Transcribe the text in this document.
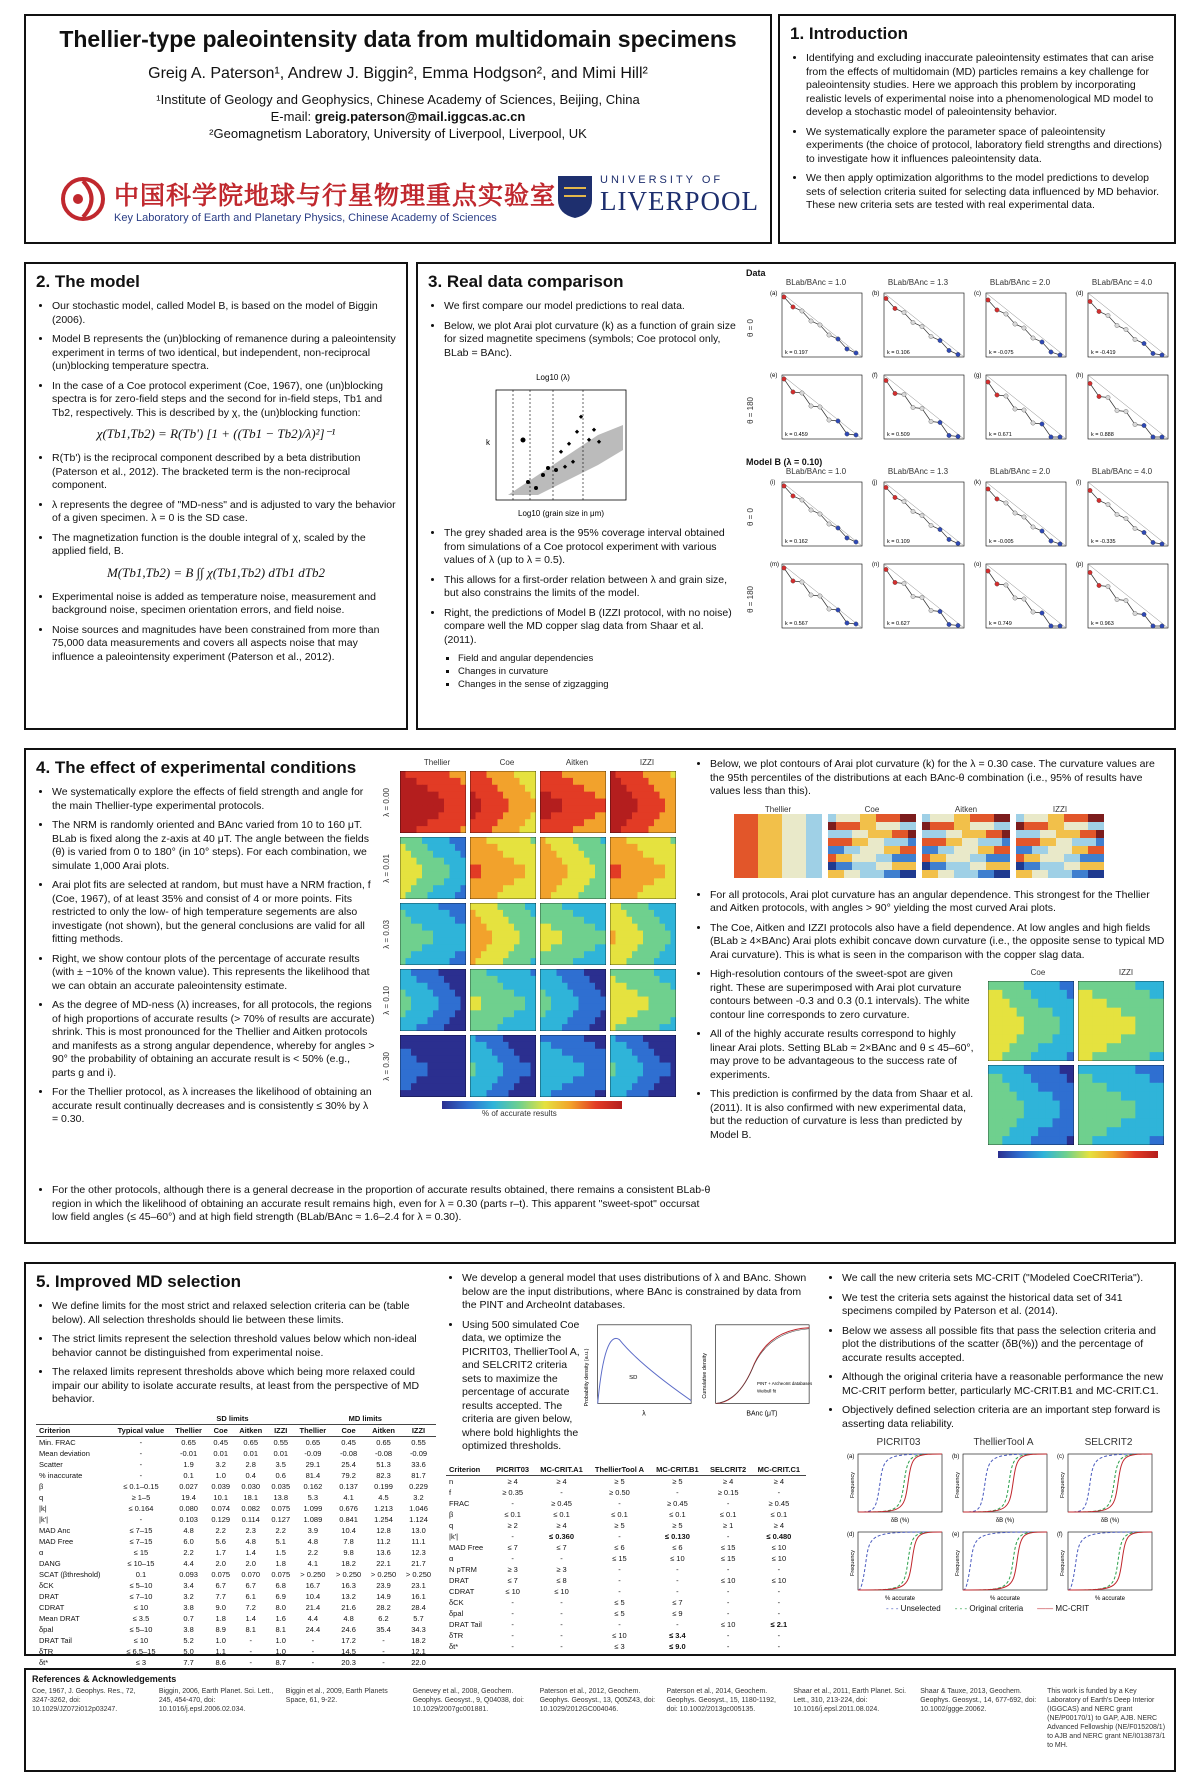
Thellier-type paleointensity data from multidomain specimens
Greig A. Paterson¹, Andrew J. Biggin², Emma Hodgson², and Mimi Hill²
¹Institute of Geology and Geophysics, Chinese Academy of Sciences, Beijing, China
E-mail: greig.paterson@mail.iggcas.ac.cn
²Geomagnetism Laboratory, University of Liverpool, Liverpool, UK
中国科学院地球与行星物理重点实验室
Key Laboratory of Earth and Planetary Physics, Chinese Academy of Sciences
UNIVERSITY OF
LIVERPOOL
1. Introduction
• Identifying and excluding inaccurate paleointensity estimates that can arise from the effects of multidomain (MD) particles remains a key challenge for paleointensity studies. Here we approach this problem by incorporating realistic levels of experimental noise into a phenomenological MD model to develop a stochastic model of paleointensity behavior.
• We systematically explore the parameter space of paleointensity experiments (the choice of protocol, laboratory field strengths and directions) to investigate how it influences paleointensity data.
• We then apply optimization algorithms to the model predictions to develop sets of selection criteria suited for selecting data influenced by MD behavior. These new criteria sets are tested with real experimental data.
2. The model
• Our stochastic model, called Model B, is based on the model of Biggin (2006).
• Model B represents the (un)blocking of remanence during a paleointensity experiment in terms of two identical, but independent, non-reciprocal (un)blocking temperature spectra.
• In the case of a Coe protocol experiment (Coe, 1967), one (un)blocking spectra is for zero-field steps and the second for in-field steps, Tb1 and Tb2, respectively. This is described by χ, the (un)blocking function:
χ(Tb1,Tb2) = R(Tb') [1 + ((Tb1 − Tb2)/λ)²]⁻¹
• R(Tb') is the reciprocal component described by a beta distribution (Paterson et al., 2012). The bracketed term is the non-reciprocal component.
• λ represents the degree of "MD-ness" and is adjusted to vary the behavior of a given specimen. λ = 0 is the SD case.
• The magnetization function is the double integral of χ, scaled by the applied field, B.
M(Tb1,Tb2) = B ∫∫ χ(Tb1,Tb2) dTb1 dTb2
• Experimental noise is added as temperature noise, measurement and background noise, specimen orientation errors, and field noise.
• Noise sources and magnitudes have been constrained from more than 75,000 data measurements and covers all aspects noise that may influence a paleointensity experiment (Paterson et al., 2012).
3. Real data comparison
• We first compare our model predictions to real data.
• Below, we plot Arai plot curvature (k) as a function of grain size for sized magnetite specimens (symbols; Coe protocol only, BLab = BAnc).
Log10 (λ)
k
Log10 (grain size in μm)
• The grey shaded area is the 95% coverage interval obtained from simulations of a Coe protocol experiment with various values of λ (up to λ = 0.5).
• This allows for a first-order relation between λ and grain size, but also constrains the limits of the model.
• Right, the predictions of Model B (IZZI protocol, with no noise) compare well the MD copper slag data from Shaar et al. (2011).
▪ Field and angular dependencies
▪ Changes in curvature
▪ Changes in the sense of zigzagging
Data
BLab/BAnc = 1.0	BLab/BAnc = 1.3	BLab/BAnc = 2.0	BLab/BAnc = 4.0
θ = 0
(a)
k = 0.197
(b)
k = 0.106
(c)
k = -0.075
(d)
k = -0.419
θ = 180
(e)
k = 0.459
(f)
k = 0.509
(g)
k = 0.671
(h)
k = 0.888
Model B (λ = 0.10)
BLab/BAnc = 1.0	BLab/BAnc = 1.3	BLab/BAnc = 2.0	BLab/BAnc = 4.0
θ = 0
(i)
k = 0.162
(j)
k = 0.109
(k)
k = -0.005
(l)
k = -0.335
θ = 180
(m)
k = 0.567
(n)
k = 0.627
(o)
k = 0.749
(p)
k = 0.963
4. The effect of experimental conditions
• We systematically explore the effects of field strength and angle for the main Thellier-type experimental protocols.
• The NRM is randomly oriented and BAnc varied from 10 to 160 μT. BLab is fixed along the z-axis at 40 μT. The angle between the fields (θ) is varied from 0 to 180° (in 10° steps). For each combination, we simulate 1,000 Arai plots.
• Arai plot fits are selected at random, but must have a NRM fraction, f (Coe, 1967), of at least 35% and consist of 4 or more points. Fits restricted to only the low- of high temperature segements are also investigate (not shown), but the general conclusions are valid for all fitting methods.
• Right, we show contour plots of the percentage of accurate results (with ± ~10% of the known value). This represents the likelihood that we can obtain an accurate paleointensity estimate.
• As the degree of MD-ness (λ) increases, for all protocols, the regions of high proportions of accurate results (> 70% of results are accurate) shrink. This is most pronounced for the Thellier and Aitken protocols and manifests as a strong angular dependence, whereby for angles > 90° the probability of obtaining an accurate result is < 50% (e.g., parts g and i).
• For the Thellier protocol, as λ increases the likelihood of obtaining an accurate result continually decreases and is consistently ≤ 30% by λ = 0.30.
• For the other protocols, although there is a general decrease in the proportion of accurate results obtained, there remains a consistent BLab-θ region in which the likelihood of obtaining an accurate result remains high, even for λ = 0.30 (parts r–t). This apparent "sweet-spot" occursat low field angles (≤ 45–60°) and at high field strength (BLab/BAnc ≈ 1.6–2.4 for λ = 0.30).
Thellier	Coe	Aitken	IZZI
λ = 0.00
λ = 0.01
λ = 0.03
λ = 0.10
λ = 0.30
% of accurate results
• Below, we plot contours of Arai plot curvature (k) for the λ = 0.30 case. The curvature values are the 95th percentiles of the distributions at each BAnc-θ combination (i.e., 95% of results have values less than this).
Thellier	Coe	Aitken	IZZI
• For all protocols, Arai plot curvature has an angular dependence. This strongest for the Thellier and Aitken protocols, with angles > 90° yielding the most curved Arai plots.
• The Coe, Aitken and IZZI protocols also have a field dependence. At low angles and high fields (BLab ≥ 4×BAnc) Arai plots exhibit concave down curvature (i.e., the opposite sense to typical MD Arai curvature). This is what is seen in the comparison with the copper slag data.
• High-resolution contours of the sweet-spot are given right. These are superimposed with Arai plot curvature contours between -0.3 and 0.3 (0.1 intervals). The white contour line corresponds to zero curvature.
• All of the highly accurate results correspond to highly linear Arai plots. Setting BLab ≈ 2×BAnc and θ ≤ 45–60°, may prove to be advantageous to the success rate of experiments.
• This prediction is confirmed by the data from Shaar et al. (2011). It is also confirmed with new experimental data, but the reduction of curvature is less than predicted by Model B.
Coe	IZZI
5. Improved MD selection
• We define limits for the most strict and relaxed selection criteria can be (table below). All selection thresholds should lie between these limits.
• The strict limits represent the selection threshold values below which non-ideal behavior cannot be distinguished from experimental noise.
• The relaxed limits represent thresholds above which being more relaxed could impair our ability to isolate accurate results, at least from the perspective of MD behavior.
		SD limits				MD limits			
Criterion	Typical value	Thellier	Coe	Aitken	IZZI	Thellier	Coe	Aitken	IZZI
Min. FRAC	-	0.65	0.45	0.65	0.55	0.65	0.45	0.65	0.55
Mean deviation	-	-0.01	0.01	0.01	0.01	-0.09	-0.08	-0.08	-0.09
Scatter	-	1.9	3.2	2.8	3.5	29.1	25.4	51.3	33.6
% inaccurate	-	0.1	1.0	0.4	0.6	81.4	79.2	82.3	81.7
β	≤ 0.1–0.15	0.027	0.039	0.030	0.035	0.162	0.137	0.199	0.229
q	≥ 1–5	19.4	10.1	18.1	13.8	5.3	4.1	4.5	3.2
|k|	≤ 0.164	0.080	0.074	0.082	0.075	1.099	0.676	1.213	1.046
|k'|	-	0.103	0.129	0.114	0.127	1.089	0.841	1.254	1.124
MAD Anc	≤ 7–15	4.8	2.2	2.3	2.2	3.9	10.4	12.8	13.0
MAD Free	≤ 7–15	6.0	5.6	4.8	5.1	4.8	7.8	11.2	11.1
α	≤ 15	2.2	1.7	1.4	1.5	2.2	9.8	13.6	12.3
DANG	≤ 10–15	4.4	2.0	2.0	1.8	4.1	18.2	22.1	21.7
SCAT (βthreshold)	0.1	0.093	0.075	0.070	0.075	> 0.250	> 0.250	> 0.250	> 0.250
δCK	≤ 5–10	3.4	6.7	6.7	6.8	16.7	16.3	23.9	23.1
DRAT	≤ 7–10	3.2	7.7	6.1	6.9	10.4	13.2	14.9	16.1
CDRAT	≤ 10	3.8	9.0	7.2	8.0	21.4	21.6	28.2	28.4
Mean DRAT	≤ 3.5	0.7	1.8	1.4	1.6	4.4	4.8	6.2	5.7
δpal	≤ 5–10	3.8	8.9	8.1	8.1	24.4	24.6	35.4	34.3
DRAT Tail	≤ 10	5.2	1.0	-	1.0	-	17.2	-	18.2
δTR	≤ 6.5–15	5.0	1.1	-	1.0	-	14.5	-	12.1
δt*	≤ 3	7.7	8.6	-	8.7	-	20.3	-	22.0
• We develop a general model that uses distributions of λ and BAnc. Shown below are the input distributions, where BAnc is constrained by data from the PINT and ArcheoInt databases.
• Using 500 simulated Coe data, we optimize the PICRIT03, ThellierTool A, and SELCRIT2 criteria sets to maximize the percentage of accurate results accepted. The criteria are given below, where bold highlights the optimized thresholds.
SD
λ
Probability density (a.u.)	PINT + ArcheoInt databases
Weibull fit
BAnc (μT)
Cumulative density
Criterion	PICRIT03	MC-CRIT.A1	ThellierTool A	MC-CRIT.B1	SELCRIT2	MC-CRIT.C1
n	≥ 4	≥ 4	≥ 5	≥ 5	≥ 4	≥ 4
f	≥ 0.35	-	≥ 0.50	-	≥ 0.15	-
FRAC	-	≥ 0.45	-	≥ 0.45	-	≥ 0.45
β	≤ 0.1	≤ 0.1	≤ 0.1	≤ 0.1	≤ 0.1	≤ 0.1
q	≥ 2	≥ 4	≥ 5	≥ 5	≥ 1	≥ 4
|k'|	-	≤ 0.360	-	≤ 0.130	-	≤ 0.480
MAD Free	≤ 7	≤ 7	≤ 6	≤ 6	≤ 15	≤ 10
α	-	-	≤ 15	≤ 10	≤ 15	≤ 10
N pTRM	≥ 3	≥ 3	-	-	-	-
DRAT	≤ 7	≤ 8	-	-	≤ 10	≤ 10
CDRAT	≤ 10	≤ 10	-	-	-	-
δCK	-	-	≤ 5	≤ 7	-	-
δpal	-	-	≤ 5	≤ 9	-	-
DRAT Tail	-	-	-	-	≤ 10	≤ 2.1
δTR	-	-	≤ 10	≤ 3.4	-	-
δt*	-	-	≤ 3	≤ 9.0	-	-
• We call the new criteria sets MC-CRIT ("Modeled CoeCRITeria").
• We test the criteria sets against the historical data set of 341 specimens compiled by Paterson et al. (2014).
• Below we assess all possible fits that pass the selection criteria and plot the distributions of the scatter (δB(%)) and the percentage of accurate results accepted.
• Although the original criteria have a reasonable performance the new MC-CRIT perform better, particularly MC-CRIT.B1 and MC-CRIT.C1.
• Objectively defined selection criteria are an important step forward is asserting data reliability.
PICRIT03	ThellierTool A	SELCRIT2
(a)
δB (%)
Frequency
(b)
δB (%)
Frequency
(c)
δB (%)
Frequency
(d)
% accurate
Frequency
(e)
% accurate
Frequency
(f)
% accurate
Frequency
- - - Unselected - - - Original criteria —— MC-CRIT
References & Acknowledgements
Coe, 1967, J. Geophys. Res., 72, 3247-3262, doi: 10.1029/JZ072i012p03247.
Biggin, 2006, Earth Planet. Sci. Lett., 245, 454-470, doi: 10.1016/j.epsl.2006.02.034.
Biggin et al., 2009, Earth Planets Space, 61, 9-22.
Genevey et al., 2008, Geochem. Geophys. Geosyst., 9, Q04038, doi: 10.1029/2007gc001881.
Paterson et al., 2012, Geochem. Geophys. Geosyst., 13, Q05Z43, doi: 10.1029/2012GC004046.
Paterson et al., 2014, Geochem. Geophys. Geosyst., 15, 1180-1192, doi: 10.1002/2013gc005135.
Shaar et al., 2011, Earth Planet. Sci. Lett., 310, 213-224, doi: 10.1016/j.epsl.2011.08.024.
Shaar & Tauxe, 2013, Geochem. Geophys. Geosyst., 14, 677-692, doi: 10.1002/ggge.20062.
This work is funded by a Key Laboratory of Earth's Deep Interior (IGGCAS) and NERC grant (NE/P00170/1) to GAP, AJB. NERC Advanced Fellowship (NE/F015208/1) to AJB and NERC grant NE/I013873/1 to MH.
